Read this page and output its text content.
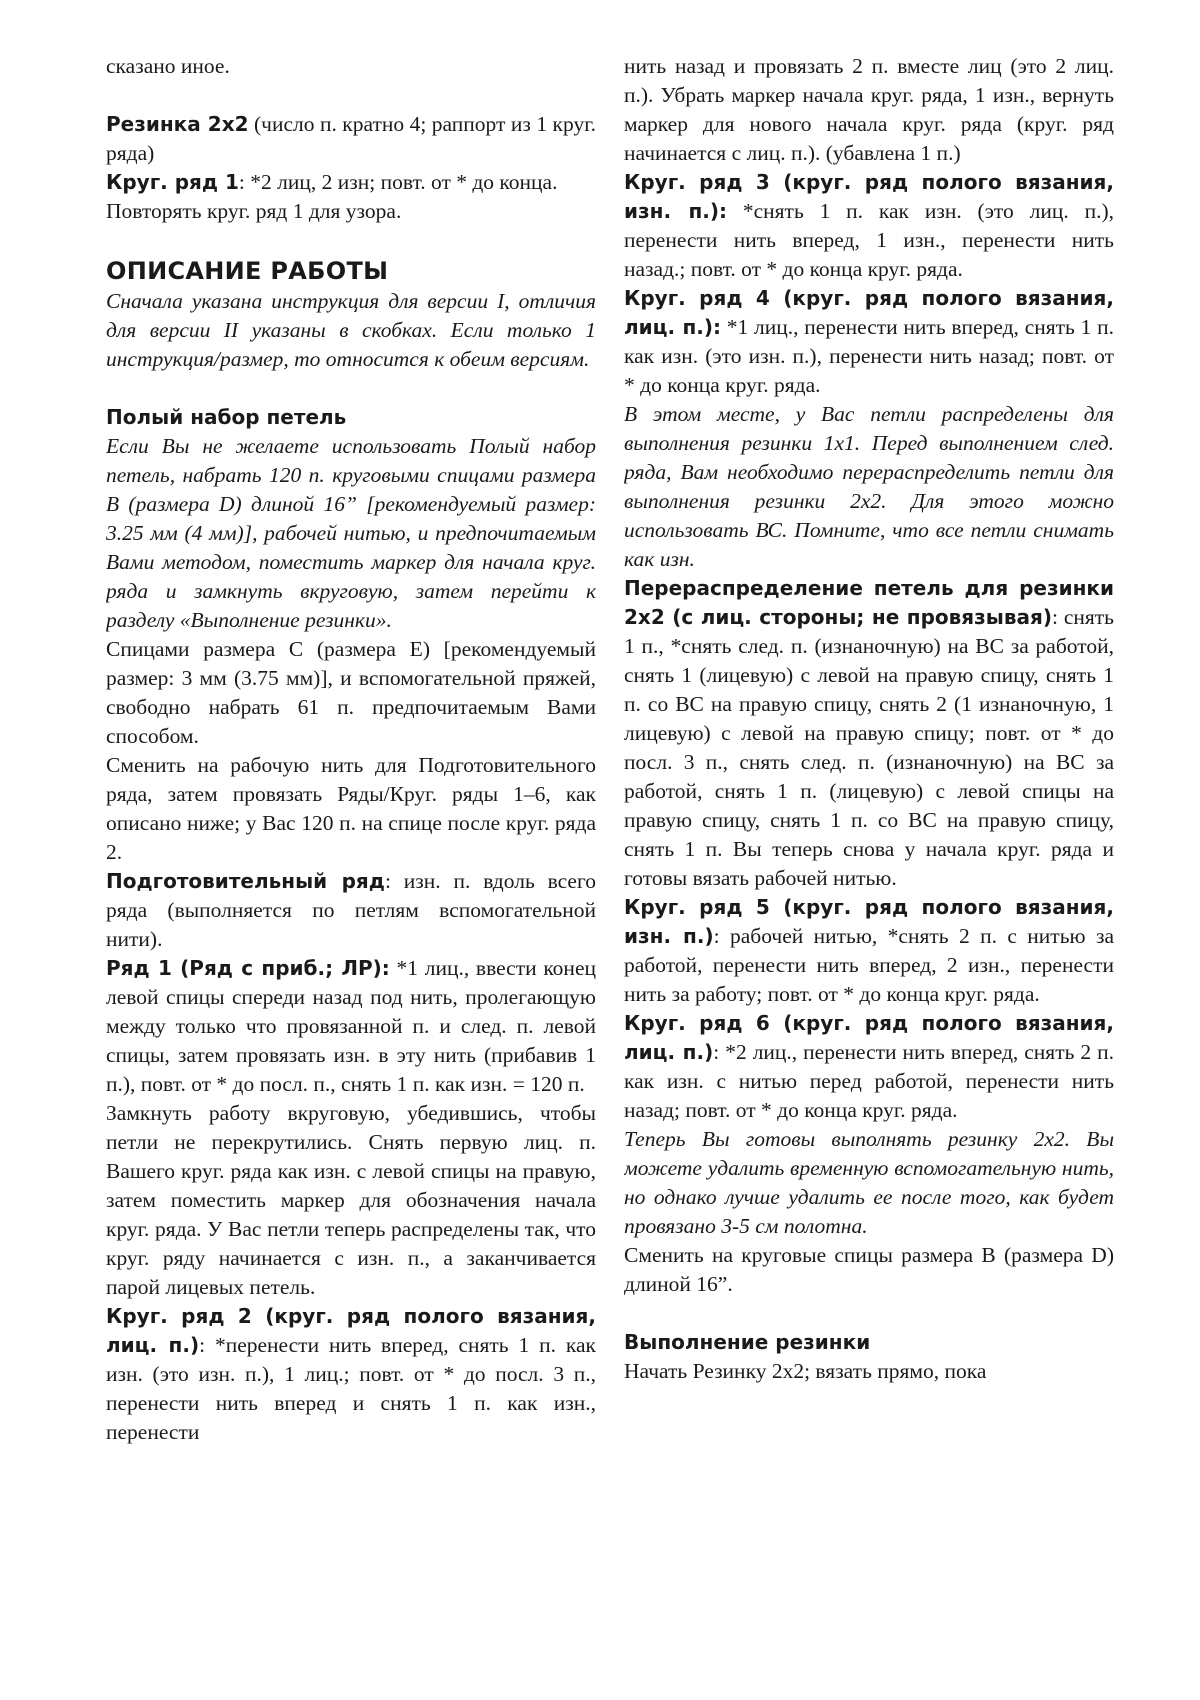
сказано иное.

Резинка 2х2 (число п. кратно 4; раппорт из 1 круг. ряда)

Круг. ряд 1: *2 лиц, 2 изн; повт. от * до конца.

Повторять круг. ряд 1 для узора.

ОПИСАНИЕ РАБОТЫ

Сначала указана инструкция для версии I, отличия для версии II указаны в скобках. Если только 1 инструкция/размер, то относится к обеим версиям.

Полый набор петель

Если Вы не желаете использовать Полый набор петель, набрать 120 п. круговыми спицами размера В (размера D) длиной 16” [рекомендуемый размер: 3.25 мм (4 мм)], рабочей нитью, и предпочитаемым Вами методом, поместить маркер для начала круг. ряда и замкнуть вкруговую, затем перейти к разделу «Выполнение резинки».

Спицами размера С (размера Е) [рекомендуемый размер: 3 мм (3.75 мм)], и вспомогательной пряжей, свободно набрать 61 п. предпочитаемым Вами способом.

Сменить на рабочую нить для Подготовительного ряда, затем провязать Ряды/Круг. ряды 1–6, как описано ниже; у Вас 120 п. на спице после круг. ряда 2.

Подготовительный ряд: изн. п. вдоль всего ряда (выполняется по петлям вспомогательной нити).

Ряд 1 (Ряд с приб.; ЛР): *1 лиц., ввести конец левой спицы спереди назад под нить, пролегающую между только что провязанной п. и след. п. левой спицы, затем провязать изн. в эту нить (прибавив 1 п.), повт. от * до посл. п., снять 1 п. как изн. = 120 п.

Замкнуть работу вкруговую, убедившись, чтобы петли не перекрутились. Снять первую лиц. п. Вашего круг. ряда как изн. с левой спицы на правую, затем поместить маркер для обозначения начала круг. ряда. У Вас петли теперь распределены так, что круг. ряду начинается с изн. п., а заканчивается парой лицевых петель.

Круг. ряд 2 (круг. ряд полого вязания, лиц. п.): *перенести нить вперед, снять 1 п. как изн. (это изн. п.), 1 лиц.; повт. от * до посл. 3 п., перенести нить вперед и снять 1 п. как изн., перенести

нить назад и провязать 2 п. вместе лиц (это 2 лиц. п.). Убрать маркер начала круг. ряда, 1 изн., вернуть маркер для нового начала круг. ряда (круг. ряд начинается с лиц. п.). (убавлена 1 п.)

Круг. ряд 3 (круг. ряд полого вязания, изн. п.): *снять 1 п. как изн. (это лиц. п.), перенести нить вперед, 1 изн., перенести нить назад.; повт. от * до конца круг. ряда.

Круг. ряд 4 (круг. ряд полого вязания, лиц. п.): *1 лиц., перенести нить вперед, снять 1 п. как изн. (это изн. п.), перенести нить назад; повт. от * до конца круг. ряда.

В этом месте, у Вас петли распределены для выполнения резинки 1х1. Перед выполнением след. ряда, Вам необходимо перераспределить петли для выполнения резинки 2х2. Для этого можно использовать ВС. Помните, что все петли снимать как изн.

Перераспределение петель для резинки 2х2 (с лиц. стороны; не провязывая): снять 1 п., *снять след. п. (изнаночную) на ВС за работой, снять 1 (лицевую) с левой на правую спицу, снять 1 п. со ВС на правую спицу, снять 2 (1 изнаночную, 1 лицевую) с левой на правую спицу; повт. от * до посл. 3 п., снять след. п. (изнаночную) на ВС за работой, снять 1 п. (лицевую) с левой спицы на правую спицу, снять 1 п. со ВС на правую спицу, снять 1 п. Вы теперь снова у начала круг. ряда и готовы вязать рабочей нитью.

Круг. ряд 5 (круг. ряд полого вязания, изн. п.): рабочей нитью, *снять 2 п. с нитью за работой, перенести нить вперед, 2 изн., перенести нить за работу; повт. от * до конца круг. ряда.

Круг. ряд 6 (круг. ряд полого вязания, лиц. п.): *2 лиц., перенести нить вперед, снять 2 п. как изн. с нитью перед работой, перенести нить назад; повт. от * до конца круг. ряда.

Теперь Вы готовы выполнять резинку 2х2. Вы можете удалить временную вспомогательную нить, но однако лучше удалить ее после того, как будет провязано 3-5 см полотна.

Сменить на круговые спицы размера В (размера D) длиной 16”.

Выполнение резинки

Начать Резинку 2х2; вязать прямо, пока
